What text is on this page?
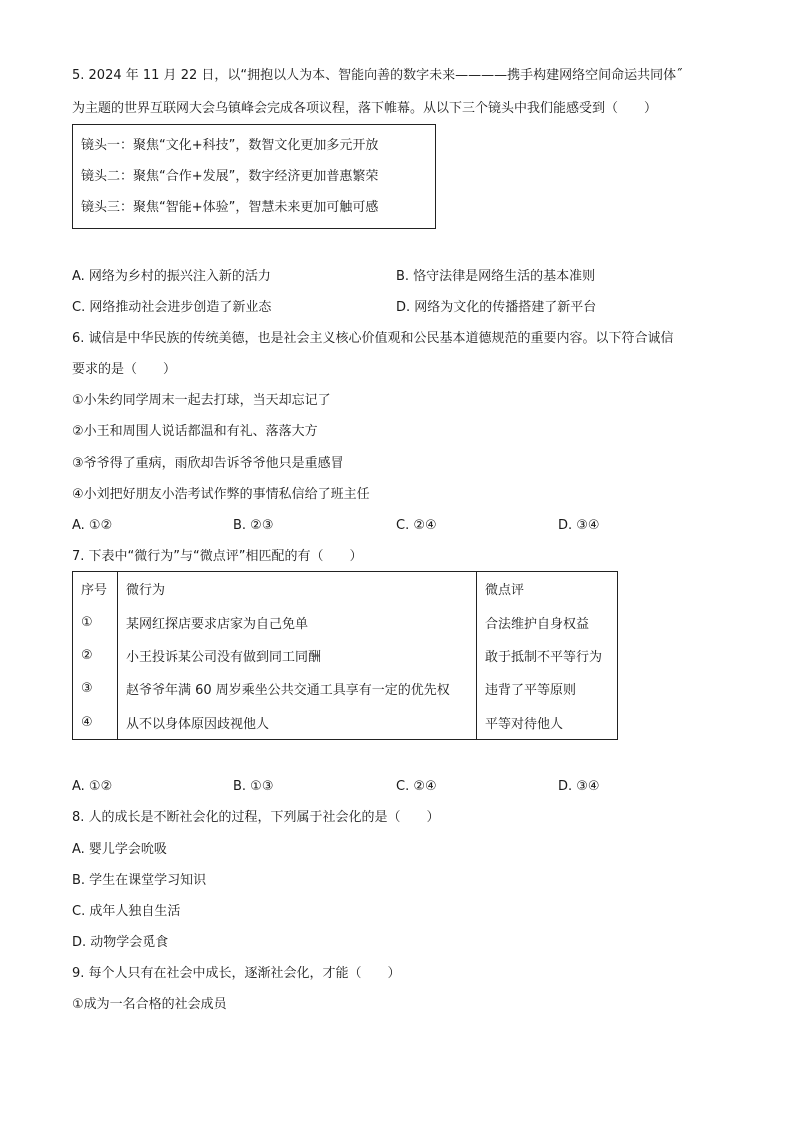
5. 2024 年 11 月 22 日，以“拥抱以人为本、智能向善的数字未来————携手构建网络空间命运共同体˝
为主题的世界互联网大会乌镇峰会完成各项议程，落下帷幕。从以下三个镜头中我们能感受到（　　）
镜头一：聚焦“文化+科技”，数智文化更加多元开放
镜头二：聚焦“合作+发展”，数字经济更加普惠繁荣
镜头三：聚焦“智能+体验”，智慧未来更加可触可感
A. 网络为乡村的振兴注入新的活力	B. 恪守法律是网络生活的基本准则
C. 网络推动社会进步创造了新业态	D. 网络为文化的传播搭建了新平台
6. 诚信是中华民族的传统美德，也是社会主义核心价值观和公民基本道德规范的重要内容。以下符合诚信
要求的是（　　）
①小朱约同学周末一起去打球，当天却忘记了
②小王和周围人说话都温和有礼、落落大方
③爷爷得了重病，雨欣却告诉爷爷他只是重感冒
④小刘把好朋友小浩考试作弊的事情私信给了班主任
A. ①②	B. ②③	C. ②④	D. ③④
7. 下表中“微行为”与“微点评”相匹配的有（　　）
序号	微行为	微点评
①	某网红探店要求店家为自己免单	合法维护自身权益
②	小王投诉某公司没有做到同工同酬	敢于抵制不平等行为
③	赵爷爷年满 60 周岁乘坐公共交通工具享有一定的优先权	违背了平等原则
④	从不以身体原因歧视他人	平等对待他人
A. ①②	B. ①③	C. ②④	D. ③④
8. 人的成长是不断社会化的过程，下列属于社会化的是（　　）
A. 婴儿学会吮吸
B. 学生在课堂学习知识
C. 成年人独自生活
D. 动物学会觅食
9. 每个人只有在社会中成长，逐渐社会化，才能（　　）
①成为一名合格的社会成员
